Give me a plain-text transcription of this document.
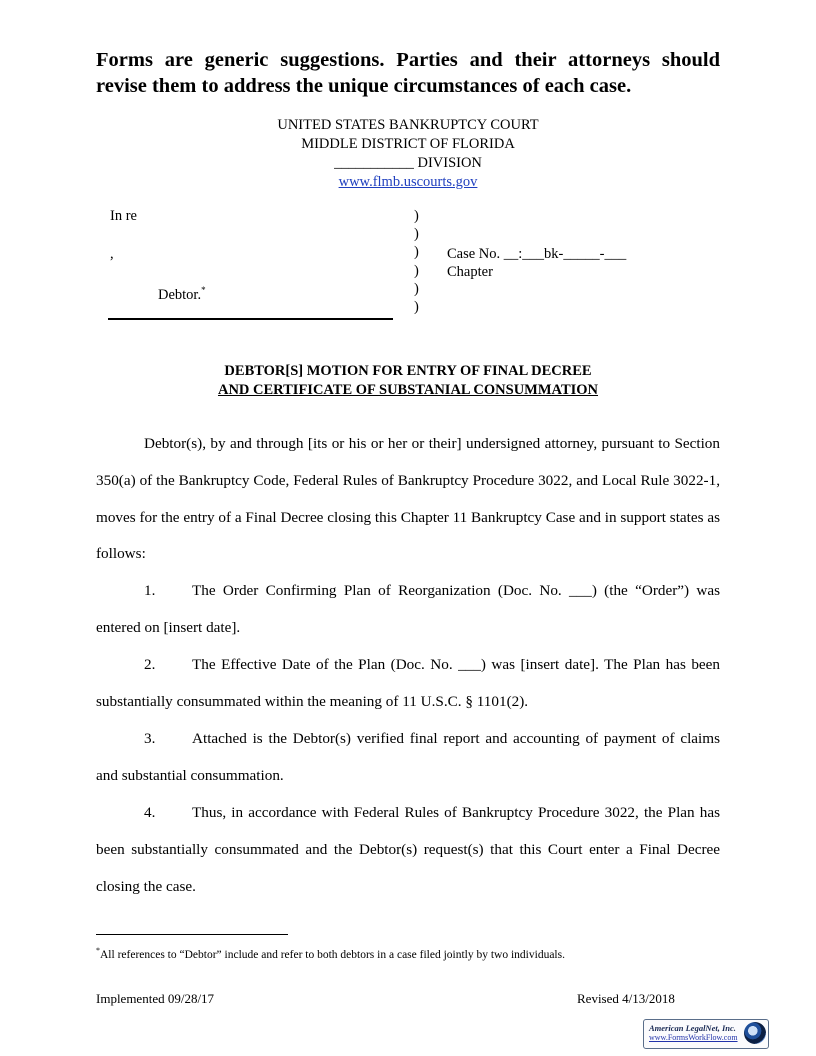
Forms are generic suggestions. Parties and their attorneys should revise them to address the unique circumstances of each case.
UNITED STATES BANKRUPTCY COURT
MIDDLE DISTRICT OF FLORIDA
___________ DIVISION
www.flmb.uscourts.gov
In re
,
Debtor.*
)
)
)
)
)
)
Case No. __:___bk-_____-___
Chapter
DEBTOR[S] MOTION FOR ENTRY OF FINAL DECREE
AND CERTIFICATE OF SUBSTANIAL CONSUMMATION
Debtor(s), by and through [its or his or her or their] undersigned attorney, pursuant to Section 350(a) of the Bankruptcy Code, Federal Rules of Bankruptcy Procedure 3022, and Local Rule 3022-1, moves for the entry of a Final Decree closing this Chapter 11 Bankruptcy Case and in support states as follows:
1. The Order Confirming Plan of Reorganization (Doc. No. ___) (the “Order”) was entered on [insert date].
2. The Effective Date of the Plan (Doc. No. ___) was [insert date]. The Plan has been substantially consummated within the meaning of 11 U.S.C. § 1101(2).
3. Attached is the Debtor(s) verified final report and accounting of payment of claims and substantial consummation.
4. Thus, in accordance with Federal Rules of Bankruptcy Procedure 3022, the Plan has been substantially consummated and the Debtor(s) request(s) that this Court enter a Final Decree closing the case.
*All references to “Debtor” include and refer to both debtors in a case filed jointly by two individuals.
Implemented 09/28/17	Revised 4/13/2018
American LegalNet, Inc.
www.FormsWorkFlow.com
